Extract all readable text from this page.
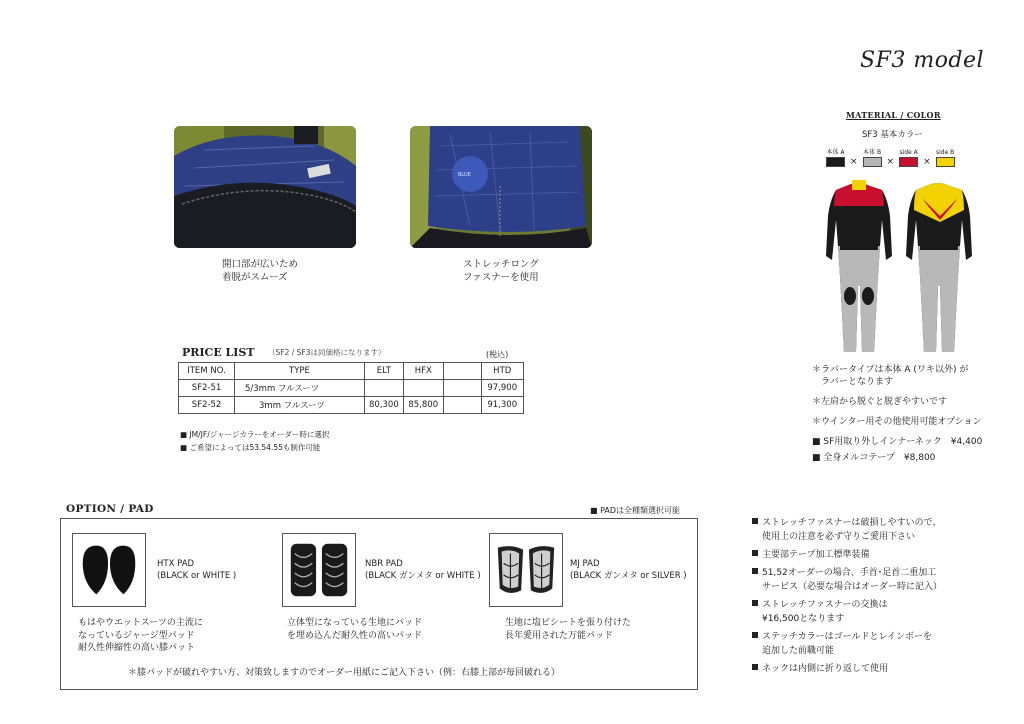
SF3 model
開口部が広いため
着脱がスムーズ
BLUE
ストレッチロング
ファスナーを使用
PRICE LIST （SF2 / SF3は同価格になります）	(税込)
ITEM NO.	TYPE	ELT	HFX		HTD
SF2-51	5/3mm フルスーツ				97,900
SF2-52	3mm フルスーツ	80,300	85,800		91,300
■ JM/JF/ジャージカラーをオーダー時に選択
■ ご希望によっては53.54.55も制作可能
OPTION / PAD	■ PADは全種類選択可能
HTX PAD
(BLACK or WHITE )
もはやウエットスーツの主流に
なっているジャージ型パッド
耐久性伸縮性の高い膝パット
NBR PAD
(BLACK ガンメタ or WHITE )
立体型になっている生地にパッド
を埋め込んだ耐久性の高いパッド
MJ PAD
(BLACK ガンメタ or SILVER )
生地に塩ビシートを張り付けた
長年愛用された万能パッド
＊膝パッドが破れやすい方、対策致しますのでオーダー用紙にご記入下さい（例：右膝上部が毎回破れる）
MATERIAL / COLOR
SF3 基本カラー
本体 A
×
本体 B
×
side A
×
side B
＊ラバータイプは本体 A (ワキ以外) が
　ラバーとなります
＊左肩から脱ぐと脱ぎやすいです
＊ウインター用その他使用可能オプション
■ SF用取り外しインナーネック　¥4,400
■ 全身メルコテープ　¥8,800
ストレッチファスナーは破損しやすいので、
使用上の注意を必ず守りご愛用下さい
主要部テープ加工標準装備
51,52オーダーの場合、手首･足首二重加工
サービス（必要な場合はオーダー時に記入）
ストレッチファスナーの交換は
¥16,500となります
ステッチカラーはゴールドとレインボーを
追加した前職可能
ネックは内側に折り返して使用
